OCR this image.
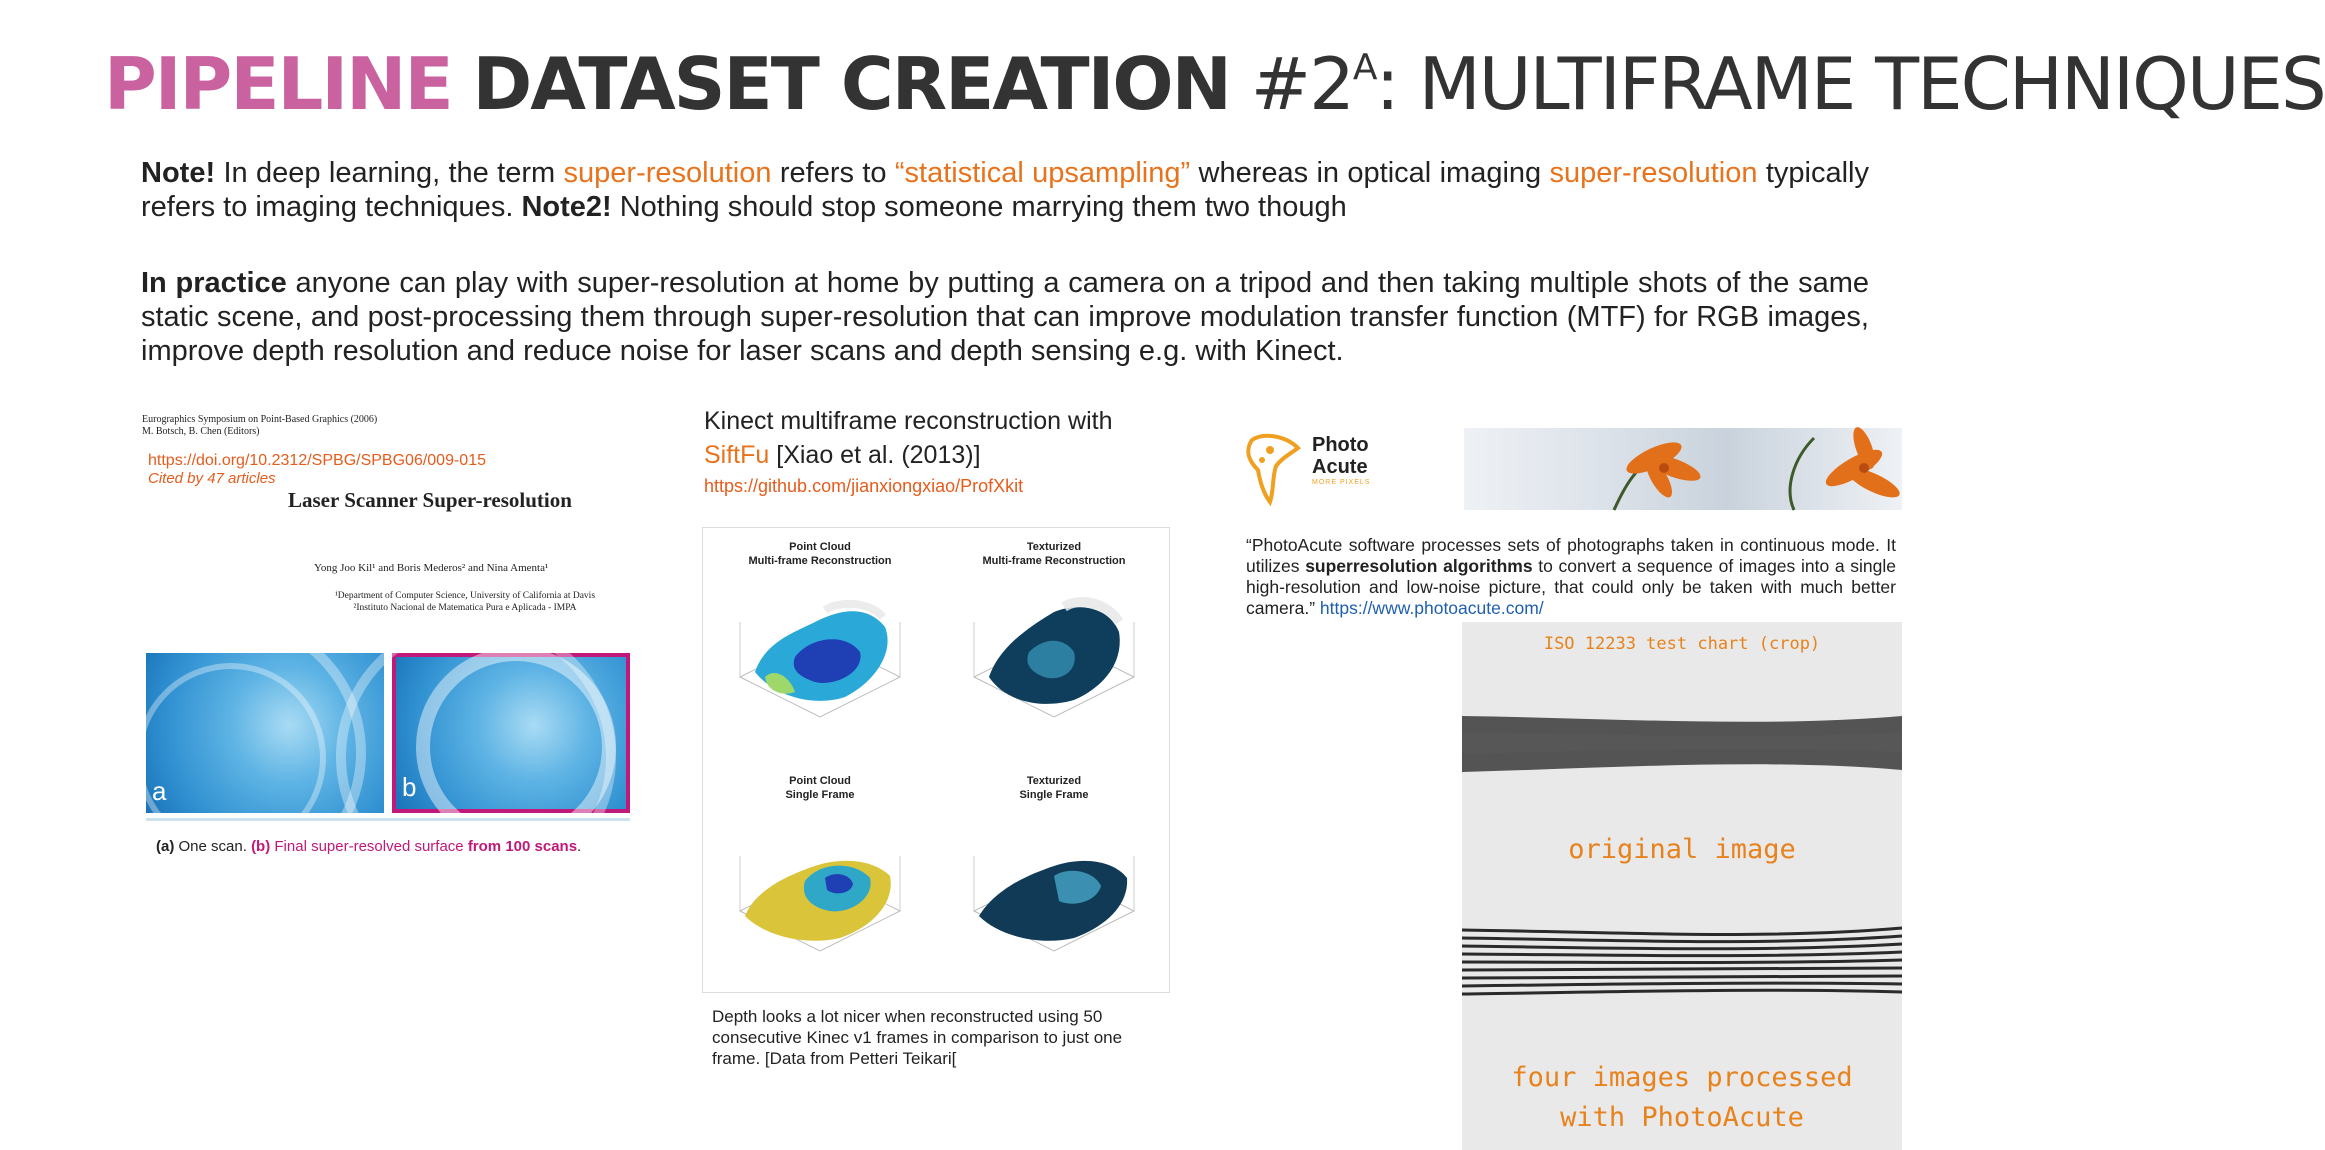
PIPELINE DATASET CREATION $\#2^A$: MULTIFRAME TECHNIQUES
Note! In deep learning, the term super-resolution refers to “statistical upsampling” whereas in optical imaging super-resolution typically refers to imaging techniques. Note2! Nothing should stop someone marrying them two though
In practice anyone can play with super-resolution at home by putting a camera on a tripod and then taking multiple shots of the same static scene, and post-processing them through super-resolution that can improve modulation transfer function (MTF) for RGB images, improve depth resolution and reduce noise for laser scans and depth sensing e.g. with Kinect.
Eurographics Symposium on Point-Based Graphics (2006)
M. Botsch, B. Chen (Editors)
https://doi.org/10.2312/SPBG/SPBG06/009-015
Cited by 47 articles
Laser Scanner Super-resolution
Yong Joo Kil¹ and Boris Mederos² and Nina Amenta¹
¹Department of Computer Science, University of California at Davis
²Instituto Nacional de Matematica Pura e Aplicada - IMPA
a	b
(a) One scan. (b) Final super-resolved surface from 100 scans.
Kinect multiframe reconstruction with
SiftFu [Xiao et al. (2013)]
https://github.com/jianxiongxiao/ProfXkit
Point Cloud
Multi-frame Reconstruction
Texturized
Multi-frame Reconstruction
Point Cloud
Single Frame
Texturized
Single Frame
Depth looks a lot nicer when reconstructed using 50 consecutive Kinec v1 frames in comparison to just one frame. [Data from Petteri Teikari[
Photo
Acute
MORE PIXELS
“PhotoAcute software processes sets of photographs taken in continuous mode. It utilizes superresolution algorithms to convert a sequence of images into a single high-resolution and low-noise picture, that could only be taken with much better camera.” https://www.photoacute.com/
ISO 12233 test chart (crop)
original image
four images processed
with PhotoAcute
